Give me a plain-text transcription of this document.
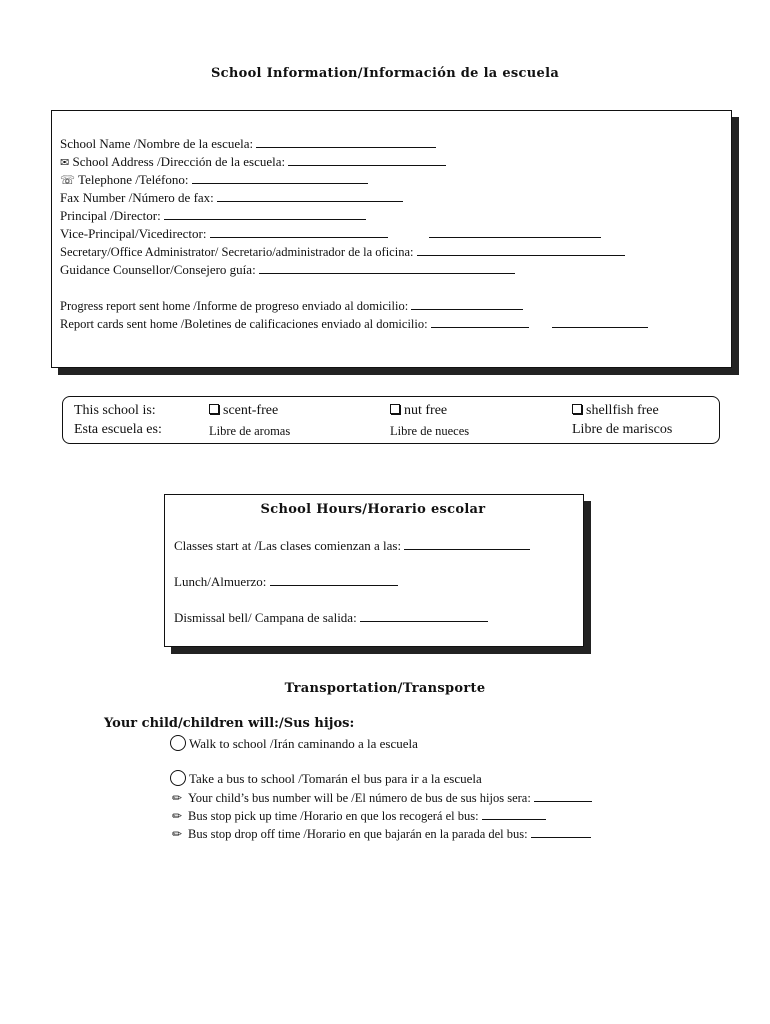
School Information/Información de la escuela
School Name /Nombre de la escuela:
✉ School Address /Dirección de la escuela:
☏ Telephone /Teléfono:
Fax Number /Número de fax:
Principal /Director:
Vice-Principal/Vicedirector:
Secretary/Office Administrator/ Secretario/administrador de la oficina:
Guidance Counsellor/Consejero guía:
Progress report sent home /Informe de progreso enviado al domicilio:
Report cards sent home /Boletines de calificaciones enviado al domicilio:
This school is:
Esta escuela es:
scent-free
Libre de aromas
nut free
Libre de nueces
shellfish free
Libre de mariscos
School Hours/Horario escolar
Classes start at /Las clases comienzan a las:
Lunch/Almuerzo:
Dismissal bell/ Campana de salida:
Transportation/Transporte
Your child/children will:/Sus hijos:
Walk to school /Irán caminando a la escuela
Take a bus to school /Tomarán el bus para ir a la escuela
✏ Your child’s bus number will be /El número de bus de sus hijos sera:
✏ Bus stop pick up time /Horario en que los recogerá el bus:
✏ Bus stop drop off time /Horario en que bajarán en la parada del bus:
